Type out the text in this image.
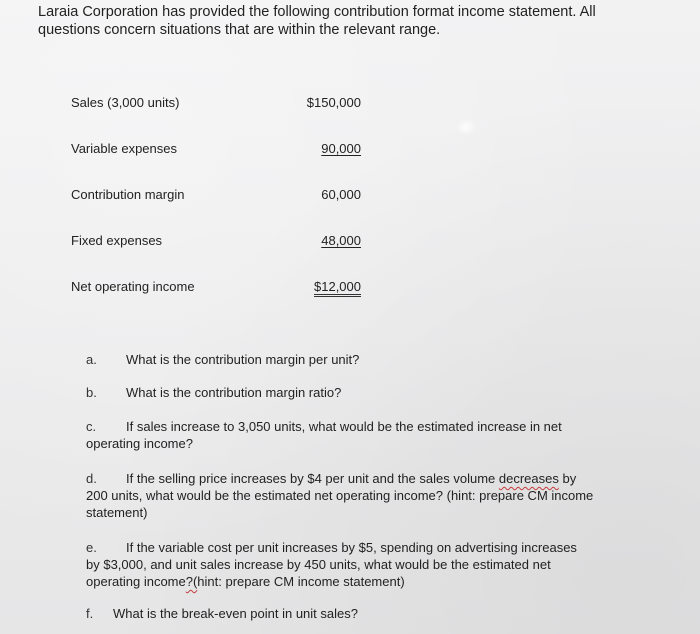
Laraia Corporation has provided the following contribution format income statement. All questions concern situations that are within the relevant range.
Sales (3,000 units)	$150,000
Variable expenses	90,000
Contribution margin	60,000
Fixed expenses	48,000
Net operating income	$12,000
a. What is the contribution margin per unit?
b. What is the contribution margin ratio?
c. If sales increase to 3,050 units, what would be the estimated increase in net
operating income?
d. If the selling price increases by $4 per unit and the sales volume decreases by
200 units, what would be the estimated net operating income? (hint: prepare CM income
statement)
e. If the variable cost per unit increases by $5, spending on advertising increases
by $3,000, and unit sales increase by 450 units, what would be the estimated net
operating income?(hint: prepare CM income statement)
f. What is the break-even point in unit sales?
